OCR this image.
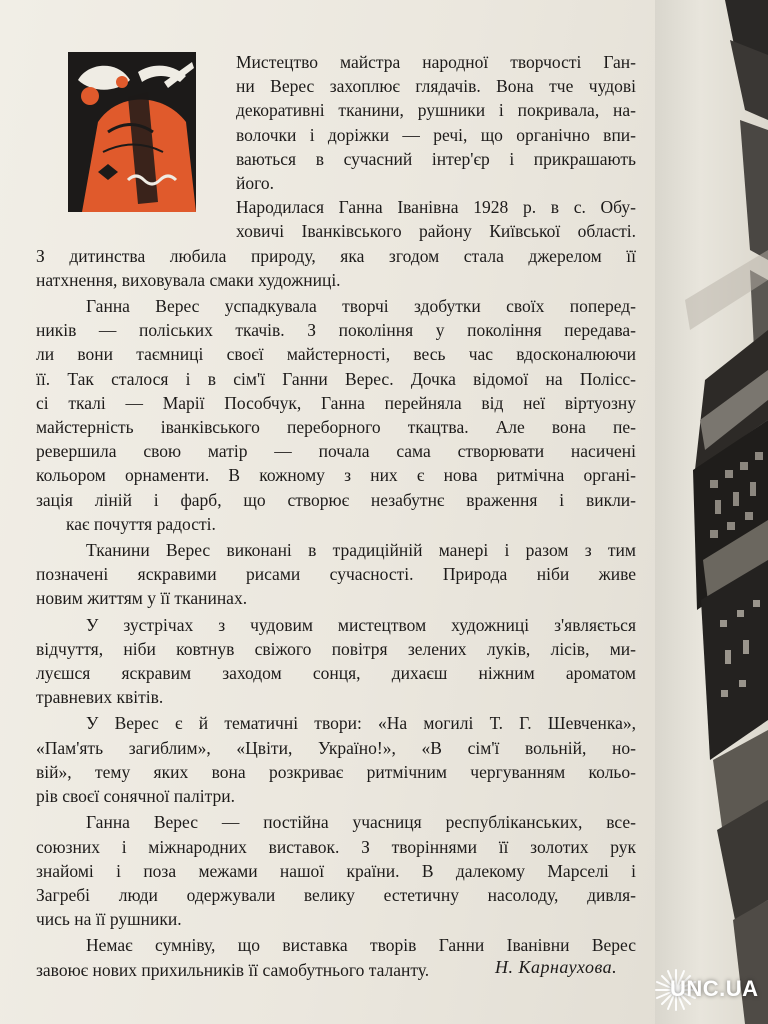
Мистецтво майстра народної творчості Ган-
ни Верес захоплює глядачів. Вона тче чудові
декоративні тканини, рушники і покривала, на-
волочки і доріжки — речі, що органічно впи-
ваються в сучасний інтер'єр і прикрашають
його.
Народилася Ганна Іванівна 1928 р. в с. Обу-
ховичі Іванківського району Київської області.
З дитинства любила природу, яка згодом стала джерелом її
натхнення, виховувала смаки художниці.
Ганна Верес успадкувала творчі здобутки своїх поперед-
ників — поліських ткачів. З покоління у покоління передава-
ли вони таємниці своєї майстерності, весь час вдосконалюючи
її. Так сталося і в сім'ї Ганни Верес. Дочка відомої на Полісс-
сі ткалі — Марії Пособчук, Ганна перейняла від неї віртуозну
майстерність іванківського переборного ткацтва. Але вона пе-
ревершила свою матір — почала сама створювати насичені
кольором орнаменти. В кожному з них є нова ритмічна органі-
зація ліній і фарб, що створює незабутнє враження і викли-
кає почуття радості.
Тканини Верес виконані в традиційній манері і разом з тим
позначені яскравими рисами сучасності. Природа ніби живе
новим життям у її тканинах.
У зустрічах з чудовим мистецтвом художниці з'являється
відчуття, ніби ковтнув свіжого повітря зелених луків, лісів, ми-
луєшся яскравим заходом сонця, дихаєш ніжним ароматом
травневих квітів.
У Верес є й тематичні твори: «На могилі Т. Г. Шевченка»,
«Пам'ять загиблим», «Цвіти, Україно!», «В сім'ї вольній, но-
вій», тему яких вона розкриває ритмічним чергуванням кольо-
рів своєї сонячної палітри.
Ганна Верес — постійна учасниця республіканських, все-
союзних і міжнародних виставок. З творіннями її золотих рук
знайомі і поза межами нашої країни. В далекому Марселі і
Загребі люди одержували велику естетичну насолоду, дивля-
чись на її рушники.
Немає сумніву, що виставка творів Ганни Іванівни Верес
завоює нових прихильників її самобутнього таланту.	Н. Карнаухова.
UNC.UA
